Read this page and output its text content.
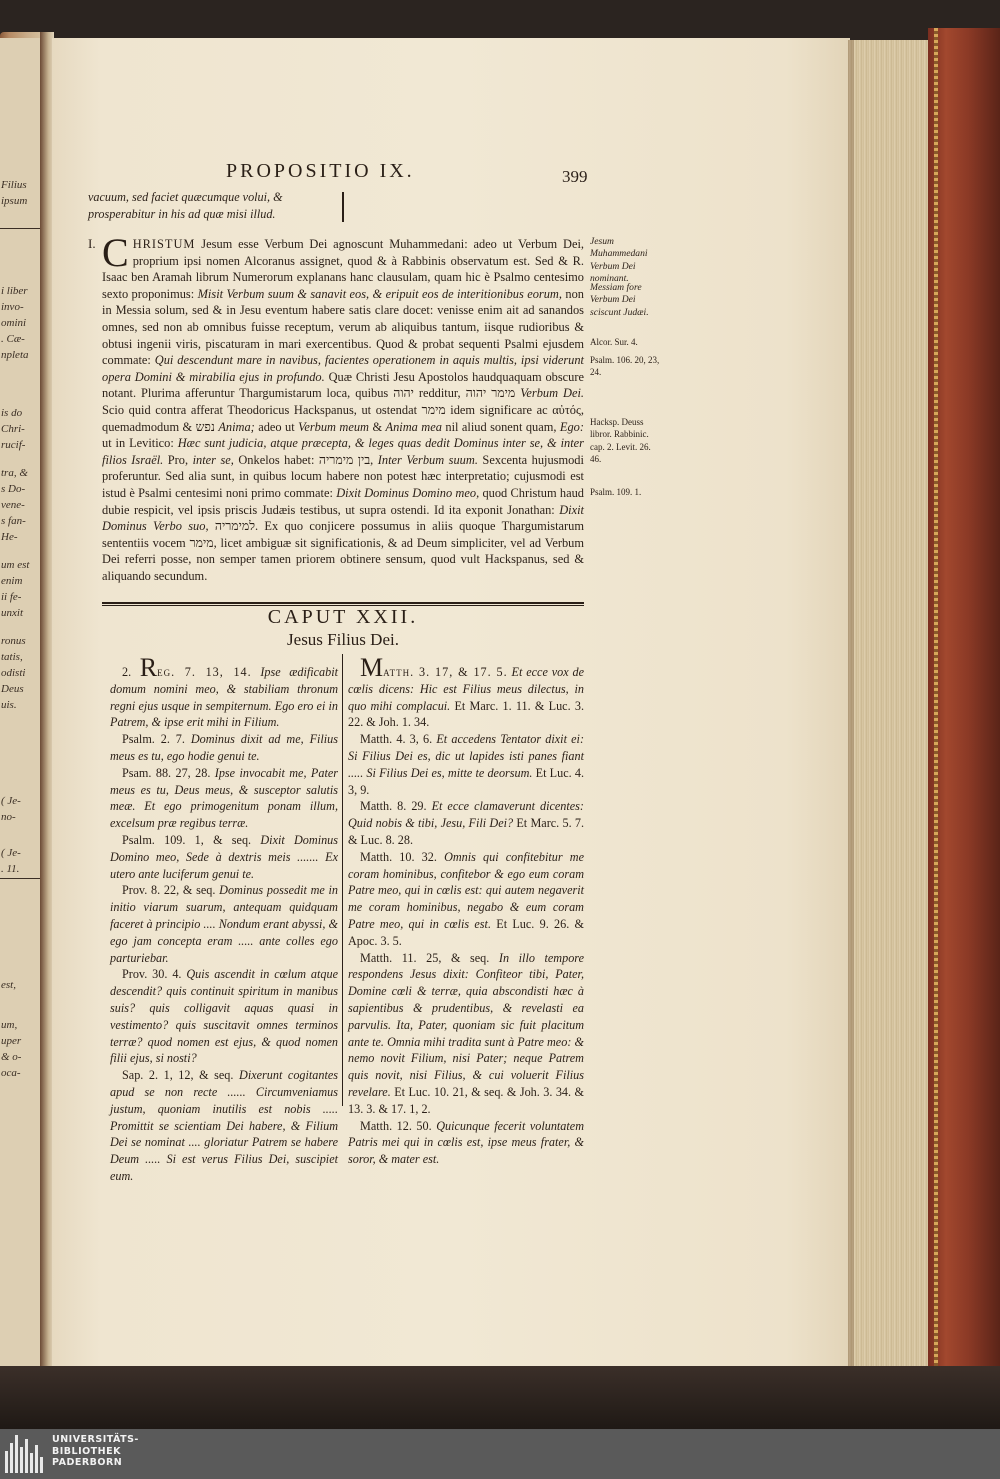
Filius
ipsum
i liber
invo-
omini
. Cæ-
npleta
is do
Chri-
rucif-
tra, &
s Do-
vene-
s fan-
He-
um est
enim
ii fe-
unxit
ronus
tatis,
odisti
Deus
uis.
( Je-
no-
( Je-
. 11.
est,
um,
uper
& o-
oca-
PROPOSITIO IX.	399
vacuum, sed faciet quæcumque volui, & prosperabitur in his ad quæ misi illud.
I. CHRISTUM Jesum esse Verbum Dei agnoscunt Muhammedani: adeo ut Verbum Dei, proprium ipsi nomen Alcoranus assignet, quod & à Rabbinis observatum est. Sed & R. Isaac ben Aramah librum Numerorum explanans hanc clausulam, quam hic è Psalmo centesimo sexto proponimus: Misit Verbum suum & sanavit eos, & eripuit eos de interitionibus eorum, non in Messia solum, sed & in Jesu eventum habere satis clare docet: venisse enim ait ad sanandos omnes, sed non ab omnibus fuisse receptum, verum ab aliquibus tantum, iisque rudioribus & obtusi ingenii viris, piscaturam in mari exercentibus. Quod & probat sequenti Psalmi ejusdem commate: Qui descendunt mare in navibus, facientes operationem in aquis multis, ipsi viderunt opera Domini & mirabilia ejus in profundo. Quæ Christi Jesu Apostolos haudquaquam obscure notant. Plurima afferuntur Thargumistarum loca, quibus יהוה redditur, מימר יהוה Verbum Dei. Scio quid contra afferat Theodoricus Hackspanus, ut ostendat מימר idem significare ac αὐτός, quemadmodum & נפש Anima; adeo ut Verbum meum & Anima mea nil aliud sonent quam, Ego: ut in Levitico: Hæc sunt judicia, atque præcepta, & leges quas dedit Dominus inter se, & inter filios Israël. Pro, inter se, Onkelos habet: בין מימריה, Inter Verbum suum. Sexcenta hujusmodi proferuntur. Sed alia sunt, in quibus locum habere non potest hæc interpretatio; cujusmodi est istud è Psalmi centesimi noni primo commate: Dixit Dominus Domino meo, quod Christum haud dubie respicit, vel ipsis priscis Judæis testibus, ut supra ostendi. Id ita exponit Jonathan: Dixit Dominus Verbo suo, למימריה. Ex quo conjicere possumus in aliis quoque Thargumistarum sententiis vocem מימר, licet ambiguæ sit significationis, & ad Deum simpliciter, vel ad Verbum Dei referri posse, non semper tamen priorem obtinere sensum, quod vult Hackspanus, sed & aliquando secundum.

Jesum Muhammedani Verbum Dei nominant.
Messiam fore Verbum Dei sciscunt Judæi.
Alcor. Sur. 4.
Psalm. 106. 20, 23, 24.
Hacksp. Deuss libror. Rabbinic. cap. 2. Levit. 26. 46.
Psalm. 109. 1.
CAPUT XXII.
Jesus Filius Dei.

2. Reg. 7. 13, 14. Ipse ædificabit domum nomini meo, & stabiliam thronum regni ejus usque in sempiternum. Ego ero ei in Patrem, & ipse erit mihi in Filium.

Psalm. 2. 7. Dominus dixit ad me, Filius meus es tu, ego hodie genui te.

Psam. 88. 27, 28. Ipse invocabit me, Pater meus es tu, Deus meus, & susceptor salutis meæ. Et ego primogenitum ponam illum, excelsum præ regibus terræ.

Psalm. 109. 1, & seq. Dixit Dominus Domino meo, Sede à dextris meis ....... Ex utero ante luciferum genui te.

Prov. 8. 22, & seq. Dominus possedit me in initio viarum suarum, antequam quidquam faceret à principio .... Nondum erant abyssi, & ego jam concepta eram ..... ante colles ego parturiebar.

Prov. 30. 4. Quis ascendit in cœlum atque descendit? quis continuit spiritum in manibus suis? quis colligavit aquas quasi in vestimento? quis suscitavit omnes terminos terræ? quod nomen est ejus, & quod nomen filii ejus, si nosti?

Sap. 2. 1, 12, & seq. Dixerunt cogitantes apud se non recte ...... Circumveniamus justum, quoniam inutilis est nobis ..... Promittit se scientiam Dei habere, & Filium Dei se nominat .... gloriatur Patrem se habere Deum ..... Si est verus Filius Dei, suscipiet eum.

Matth. 3. 17, & 17. 5. Et ecce vox de cœlis dicens: Hic est Filius meus dilectus, in quo mihi complacui. Et Marc. 1. 11. & Luc. 3. 22. & Joh. 1. 34.

Matth. 4. 3, 6. Et accedens Tentator dixit ei: Si Filius Dei es, dic ut lapides isti panes fiant ..... Si Filius Dei es, mitte te deorsum. Et Luc. 4. 3, 9.

Matth. 8. 29. Et ecce clamaverunt dicentes: Quid nobis & tibi, Jesu, Fili Dei? Et Marc. 5. 7. & Luc. 8. 28.

Matth. 10. 32. Omnis qui confitebitur me coram hominibus, confitebor & ego eum coram Patre meo, qui in cœlis est: qui autem negaverit me coram hominibus, negabo & eum coram Patre meo, qui in cœlis est. Et Luc. 9. 26. & Apoc. 3. 5.

Matth. 11. 25, & seq. In illo tempore respondens Jesus dixit: Confiteor tibi, Pater, Domine cœli & terræ, quia abscondisti hæc à sapientibus & prudentibus, & revelasti ea parvulis. Ita, Pater, quoniam sic fuit placitum ante te. Omnia mihi tradita sunt à Patre meo: & nemo novit Filium, nisi Pater; neque Patrem quis novit, nisi Filius, & cui voluerit Filius revelare. Et Luc. 10. 21, & seq. & Joh. 3. 34. & 13. 3. & 17. 1, 2.

Matth. 12. 50. Quicunque fecerit voluntatem Patris mei qui in cœlis est, ipse meus frater, & soror, & mater est.

UNIVERSITÄTS-
BIBLIOTHEK
PADERBORN
